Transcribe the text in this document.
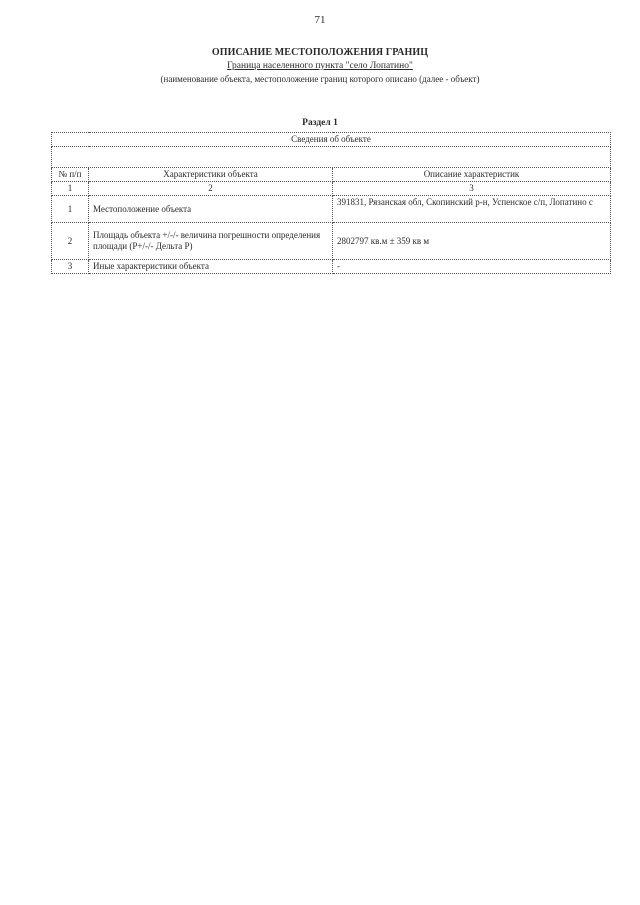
71
ОПИСАНИЕ МЕСТОПОЛОЖЕНИЯ ГРАНИЦ
Граница населенного пункта "село Лопатино"
(наименование объекта, местоположение границ которого описано (далее - объект)
Раздел 1
Сведения об объекте		

№ п/п	Характеристики объекта	Описание характеристик
1	2	3
1	Местоположение объекта	391831, Рязанская обл, Скопинский р-н, Успенское с/п, Лопатино с
2	Площадь объекта +/-/- величина погрешности определения площади (Р+/-/- Дельта Р)	2802797 кв.м ± 359 кв м
3	Иные характеристики объекта	-
